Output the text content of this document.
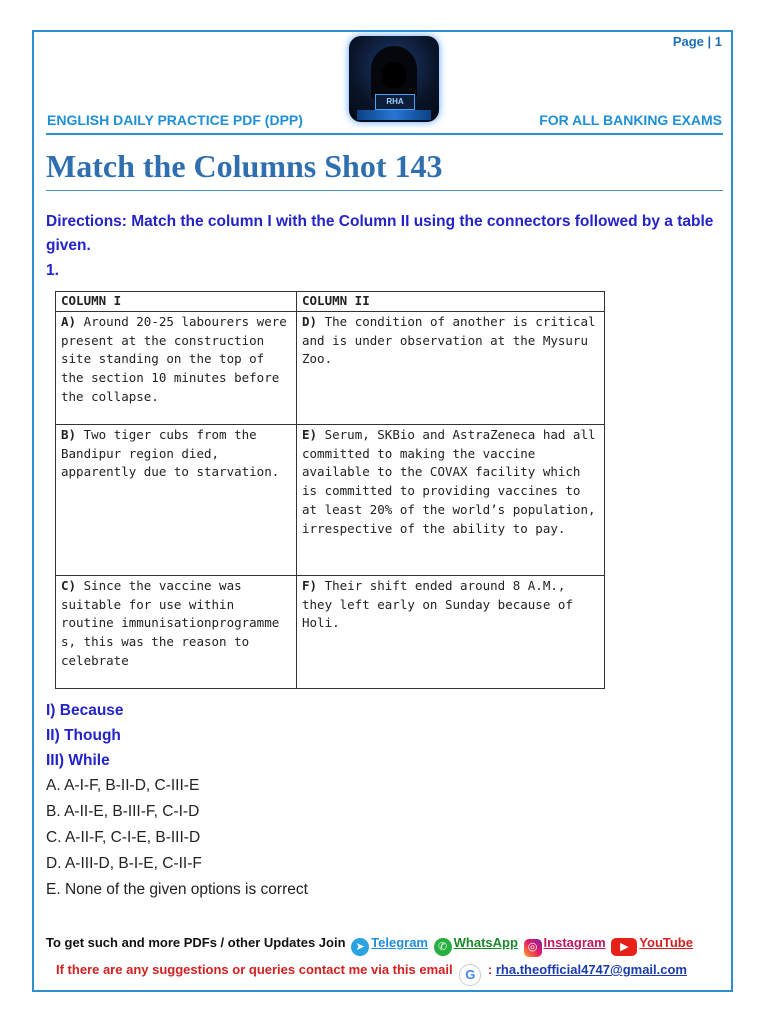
Page | 1
RHA
ENGLISH DAILY PRACTICE PDF (DPP)	FOR ALL BANKING EXAMS
Match the Columns Shot 143
Directions: Match the column I with the Column II using the connectors followed by a table given.
1.
COLUMN I	COLUMN II
A) Around 20-25 labourers were present at the construction site standing on the top of the section 10 minutes before the collapse.	D) The condition of another is critical and is under observation at the Mysuru Zoo.
B) Two tiger cubs from the Bandipur region died, apparently due to starvation.	E) Serum, SKBio and AstraZeneca had all committed to making the vaccine available to the COVAX facility which is committed to providing vaccines to at least 20% of the world’s population, irrespective of the ability to pay.
C) Since the vaccine was suitable for use within routine immunisationprogramme s, this was the reason to celebrate	F) Their shift ended around 8 A.M., they left early on Sunday because of Holi.
I) Because
II) Though
III) While
A. A-I-F, B-II-D, C-III-E
B. A-II-E, B-III-F, C-I-D
C. A-II-F, C-I-E, B-III-D
D. A-III-D, B-I-E, C-II-F
E. None of the given options is correct
To get such and more PDFs / other Updates Join ➤ Telegram ✆ WhatsApp ◎ Instagram ▶ YouTube
If there are any suggestions or queries contact me via this email G : rha.theofficial4747@gmail.com
